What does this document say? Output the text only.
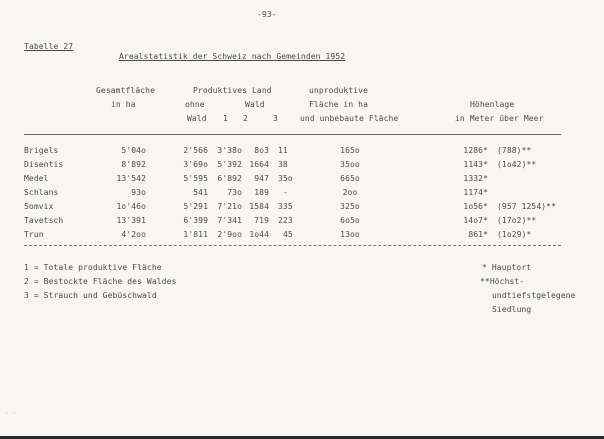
-93-
Tabelle 27
Arealstatistik der Schweiz nach Gemeinden 1952
Gesamtfläche
in ha
Produktives Land
ohne	Wald
Wald 1 2	3
unproduktive
Fläche in ha
und unbebaute Fläche
Höhenlage
in Meter über Meer
Brigels	5'04o	2'566	3'38o	8o3 11	165o	1286* (788)**
Disentis	8'892	3'69o	5'392 1664 38	35oo	1143* (1o42)**
Medel	13'542	5'595	6'892	947 35o	665o	1332*
Schlans	93o	541	73o	189 -	2oo	1174*
Somvix	1o'46o	5'291	7'21o 1584 335	325o	1o56* (957 1254)**
Tavetsch	13'391	6'399	7'341	719 223	6o5o	14o7* (17o2)**
Trun	4'2oo	1'811	2'9oo 1o44 45	13oo	861* (1o29)*
1 = Totale produktive Fläche
2 = Bestockte Fläche des Waldes
3 = Strauch und Gebüschwald
* Hauptort
**Höchst-
undtiefstgelegene
Siedlung
· ·
